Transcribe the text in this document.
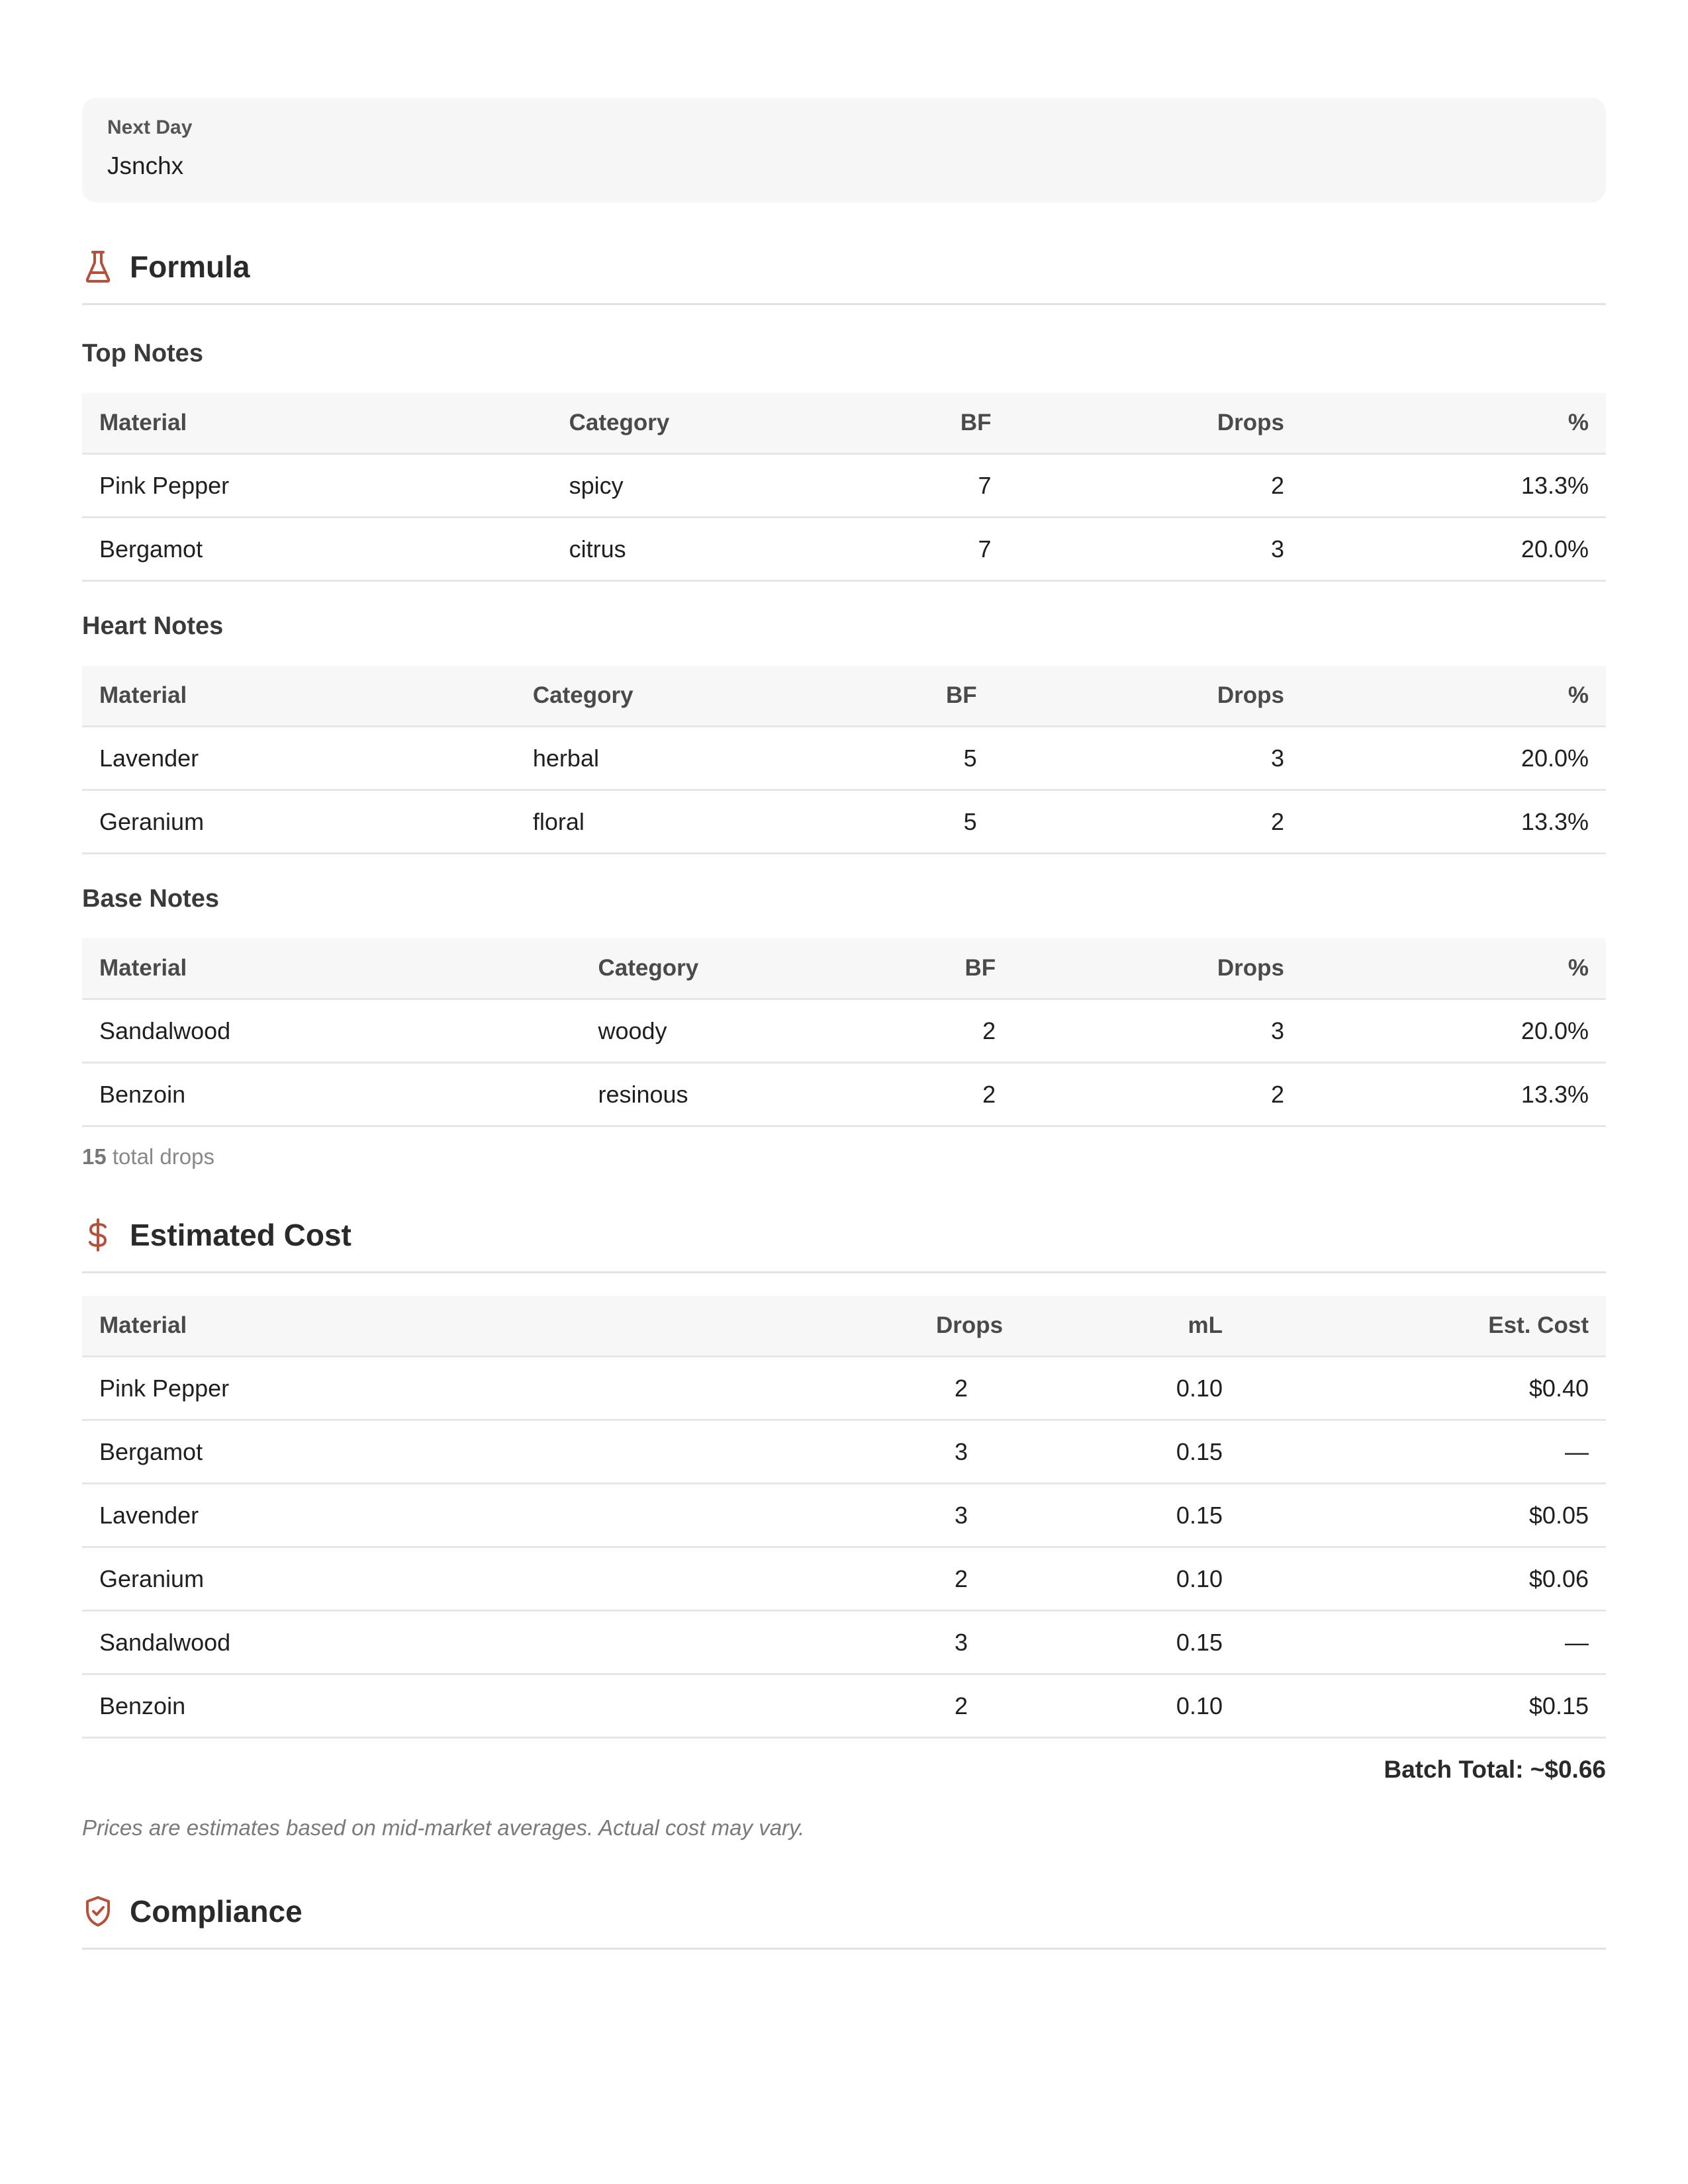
Next Day
Jsnchx
Formula
Top Notes
Material	Category	BF	Drops	%
Pink Pepper	spicy	7	2	13.3%
Bergamot	citrus	7	3	20.0%
Heart Notes
Material	Category	BF	Drops	%
Lavender	herbal	5	3	20.0%
Geranium	floral	5	2	13.3%
Base Notes
Material	Category	BF	Drops	%
Sandalwood	woody	2	3	20.0%
Benzoin	resinous	2	2	13.3%
15 total drops
Estimated Cost
Material	Drops	mL	Est. Cost
Pink Pepper	2	0.10	$0.40
Bergamot	3	0.15	—
Lavender	3	0.15	$0.05
Geranium	2	0.10	$0.06
Sandalwood	3	0.15	—
Benzoin	2	0.10	$0.15
Batch Total: ~$0.66
Prices are estimates based on mid-market averages. Actual cost may vary.
Compliance
